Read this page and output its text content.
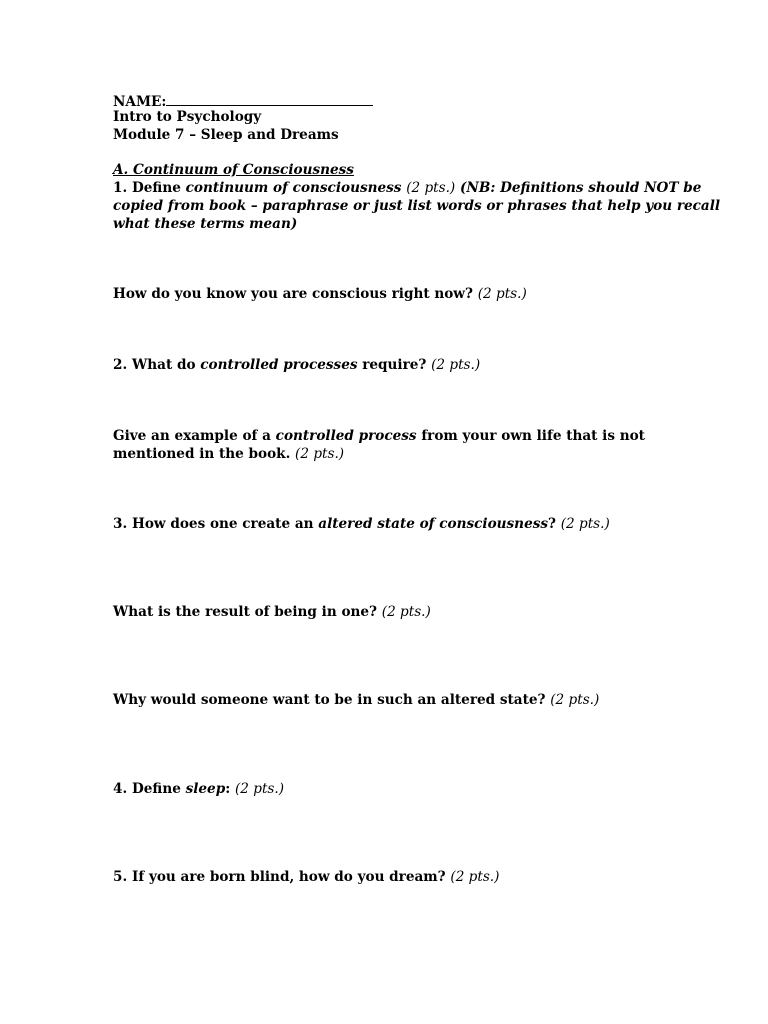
NAME:
Intro to Psychology
Module 7 – Sleep and Dreams
A. Continuum of Consciousness
1. Define continuum of consciousness (2 pts.) (NB: Definitions should NOT be
copied from book – paraphrase or just list words or phrases that help you recall
what these terms mean)
How do you know you are conscious right now? (2 pts.)
2. What do controlled processes require? (2 pts.)
Give an example of a controlled process from your own life that is not
mentioned in the book. (2 pts.)
3. How does one create an altered state of consciousness? (2 pts.)
What is the result of being in one? (2 pts.)
Why would someone want to be in such an altered state? (2 pts.)
4. Define sleep: (2 pts.)
5. If you are born blind, how do you dream? (2 pts.)
